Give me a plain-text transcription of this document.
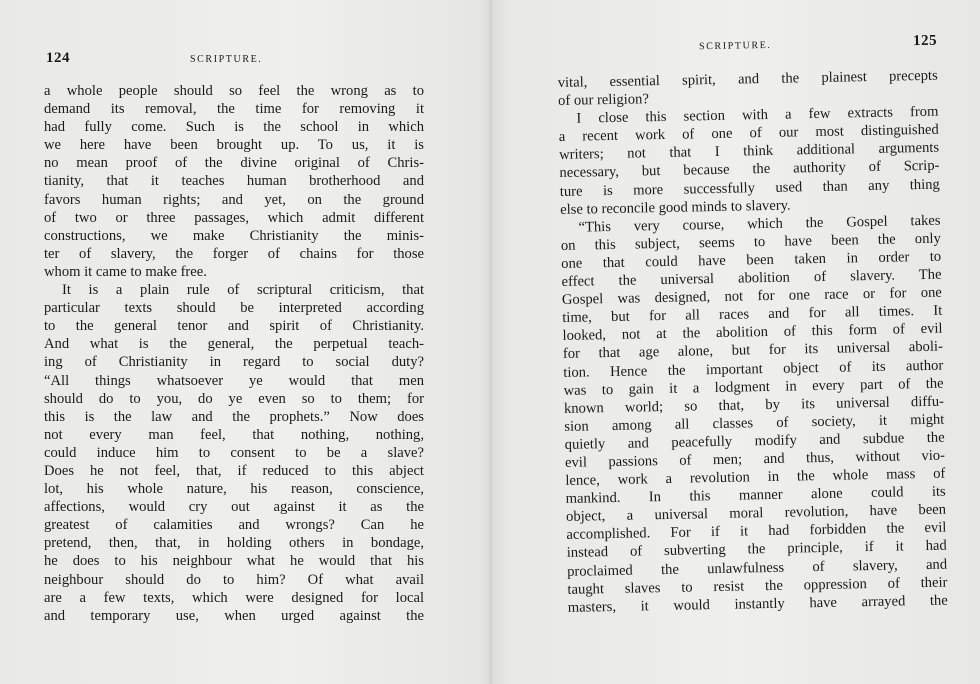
124	SCRIPTURE.
a whole people should so feel the wrong as to
demand its removal, the time for removing it
had fully come. Such is the school in which
we here have been brought up. To us, it is
no mean proof of the divine original of Chris-
tianity, that it teaches human brotherhood and
favors human rights; and yet, on the ground
of two or three passages, which admit different
constructions, we make Christianity the minis-
ter of slavery, the forger of chains for those
whom it came to make free.
It is a plain rule of scriptural criticism, that
particular texts should be interpreted according
to the general tenor and spirit of Christianity.
And what is the general, the perpetual teach-
ing of Christianity in regard to social duty?
“All things whatsoever ye would that men
should do to you, do ye even so to them; for
this is the law and the prophets.” Now does
not every man feel, that nothing, nothing,
could induce him to consent to be a slave?
Does he not feel, that, if reduced to this abject
lot, his whole nature, his reason, conscience,
affections, would cry out against it as the
greatest of calamities and wrongs? Can he
pretend, then, that, in holding others in bondage,
he does to his neighbour what he would that his
neighbour should do to him? Of what avail
are a few texts, which were designed for local
and temporary use, when urged against the
SCRIPTURE.	125
vital, essential spirit, and the plainest precepts
of our religion?
I close this section with a few extracts from
a recent work of one of our most distinguished
writers; not that I think additional arguments
necessary, but because the authority of Scrip-
ture is more successfully used than any thing
else to reconcile good minds to slavery.
“This very course, which the Gospel takes
on this subject, seems to have been the only
one that could have been taken in order to
effect the universal abolition of slavery. The
Gospel was designed, not for one race or for one
time, but for all races and for all times. It
looked, not at the abolition of this form of evil
for that age alone, but for its universal aboli-
tion. Hence the important object of its author
was to gain it a lodgment in every part of the
known world; so that, by its universal diffu-
sion among all classes of society, it might
quietly and peacefully modify and subdue the
evil passions of men; and thus, without vio-
lence, work a revolution in the whole mass of
mankind. In this manner alone could its
object, a universal moral revolution, have been
accomplished. For if it had forbidden the evil
instead of subverting the principle, if it had
proclaimed the unlawfulness of slavery, and
taught slaves to resist the oppression of their
masters, it would instantly have arrayed the
